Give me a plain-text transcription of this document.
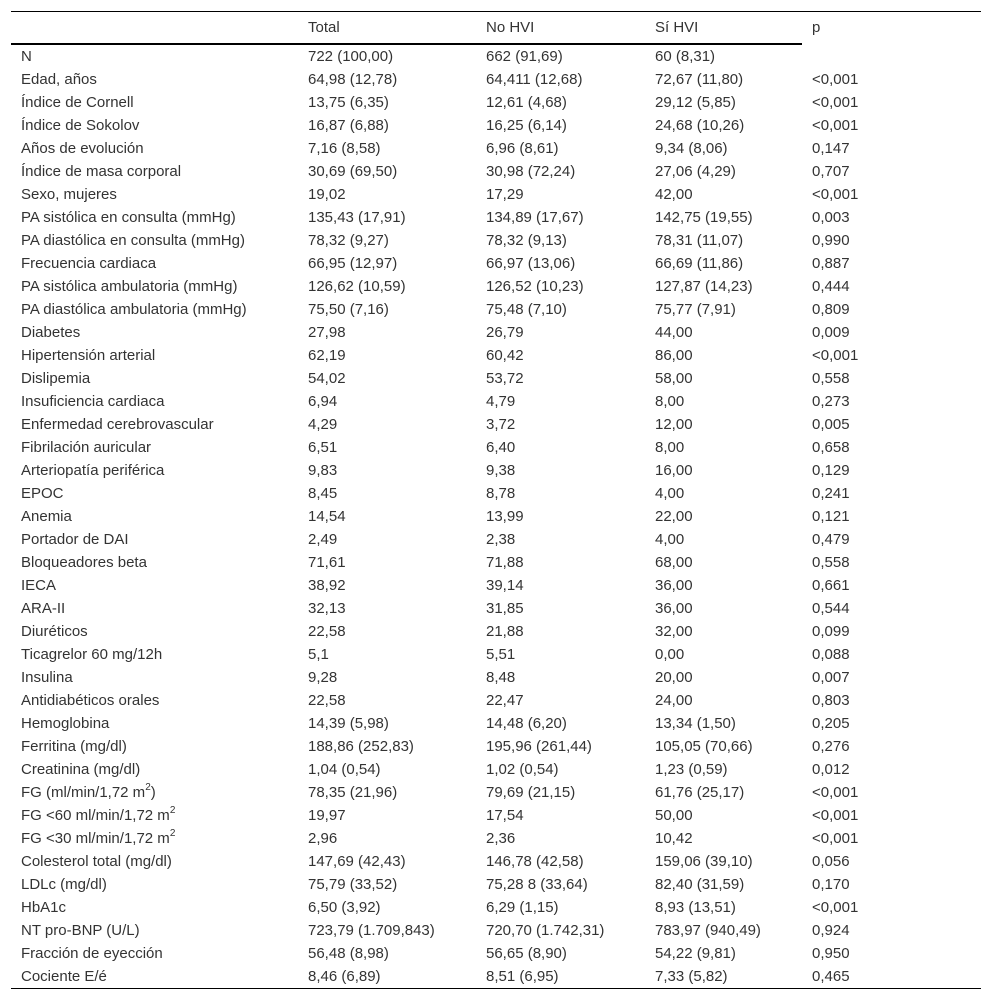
	Total	No HVI	Sí HVI	p
N	722 (100,00)	662 (91,69)	60 (8,31)	
Edad, años	64,98 (12,78)	64,411 (12,68)	72,67 (11,80)	<0,001
Índice de Cornell	13,75 (6,35)	12,61 (4,68)	29,12 (5,85)	<0,001
Índice de Sokolov	16,87 (6,88)	16,25 (6,14)	24,68 (10,26)	<0,001
Años de evolución	7,16 (8,58)	6,96 (8,61)	9,34 (8,06)	0,147
Índice de masa corporal	30,69 (69,50)	30,98 (72,24)	27,06 (4,29)	0,707
Sexo, mujeres	19,02	17,29	42,00	<0,001
PA sistólica en consulta (mmHg)	135,43 (17,91)	134,89 (17,67)	142,75 (19,55)	0,003
PA diastólica en consulta (mmHg)	78,32 (9,27)	78,32 (9,13)	78,31 (11,07)	0,990
Frecuencia cardiaca	66,95 (12,97)	66,97 (13,06)	66,69 (11,86)	0,887
PA sistólica ambulatoria (mmHg)	126,62 (10,59)	126,52 (10,23)	127,87 (14,23)	0,444
PA diastólica ambulatoria (mmHg)	75,50 (7,16)	75,48 (7,10)	75,77 (7,91)	0,809
Diabetes	27,98	26,79	44,00	0,009
Hipertensión arterial	62,19	60,42	86,00	<0,001
Dislipemia	54,02	53,72	58,00	0,558
Insuficiencia cardiaca	6,94	4,79	8,00	0,273
Enfermedad cerebrovascular	4,29	3,72	12,00	0,005
Fibrilación auricular	6,51	6,40	8,00	0,658
Arteriopatía periférica	9,83	9,38	16,00	0,129
EPOC	8,45	8,78	4,00	0,241
Anemia	14,54	13,99	22,00	0,121
Portador de DAI	2,49	2,38	4,00	0,479
Bloqueadores beta	71,61	71,88	68,00	0,558
IECA	38,92	39,14	36,00	0,661
ARA-II	32,13	31,85	36,00	0,544
Diuréticos	22,58	21,88	32,00	0,099
Ticagrelor 60 mg/12h	5,1	5,51	0,00	0,088
Insulina	9,28	8,48	20,00	0,007
Antidiabéticos orales	22,58	22,47	24,00	0,803
Hemoglobina	14,39 (5,98)	14,48 (6,20)	13,34 (1,50)	0,205
Ferritina (mg/dl)	188,86 (252,83)	195,96 (261,44)	105,05 (70,66)	0,276
Creatinina (mg/dl)	1,04 (0,54)	1,02 (0,54)	1,23 (0,59)	0,012
FG (ml/min/1,72 $m^2$)	78,35 (21,96)	79,69 (21,15)	61,76 (25,17)	<0,001
FG <60 ml/min/1,72 $m^2$	19,97	17,54	50,00	<0,001
FG <30 ml/min/1,72 $m^2$	2,96	2,36	10,42	<0,001
Colesterol total (mg/dl)	147,69 (42,43)	146,78 (42,58)	159,06 (39,10)	0,056
LDLc (mg/dl)	75,79 (33,52)	75,28 8 (33,64)	82,40 (31,59)	0,170
HbA1c	6,50 (3,92)	6,29 (1,15)	8,93 (13,51)	<0,001
NT pro-BNP (U/L)	723,79 (1.709,843)	720,70 (1.742,31)	783,97 (940,49)	0,924
Fracción de eyección	56,48 (8,98)	56,65 (8,90)	54,22 (9,81)	0,950
Cociente E/é	8,46 (6,89)	8,51 (6,95)	7,33 (5,82)	0,465
